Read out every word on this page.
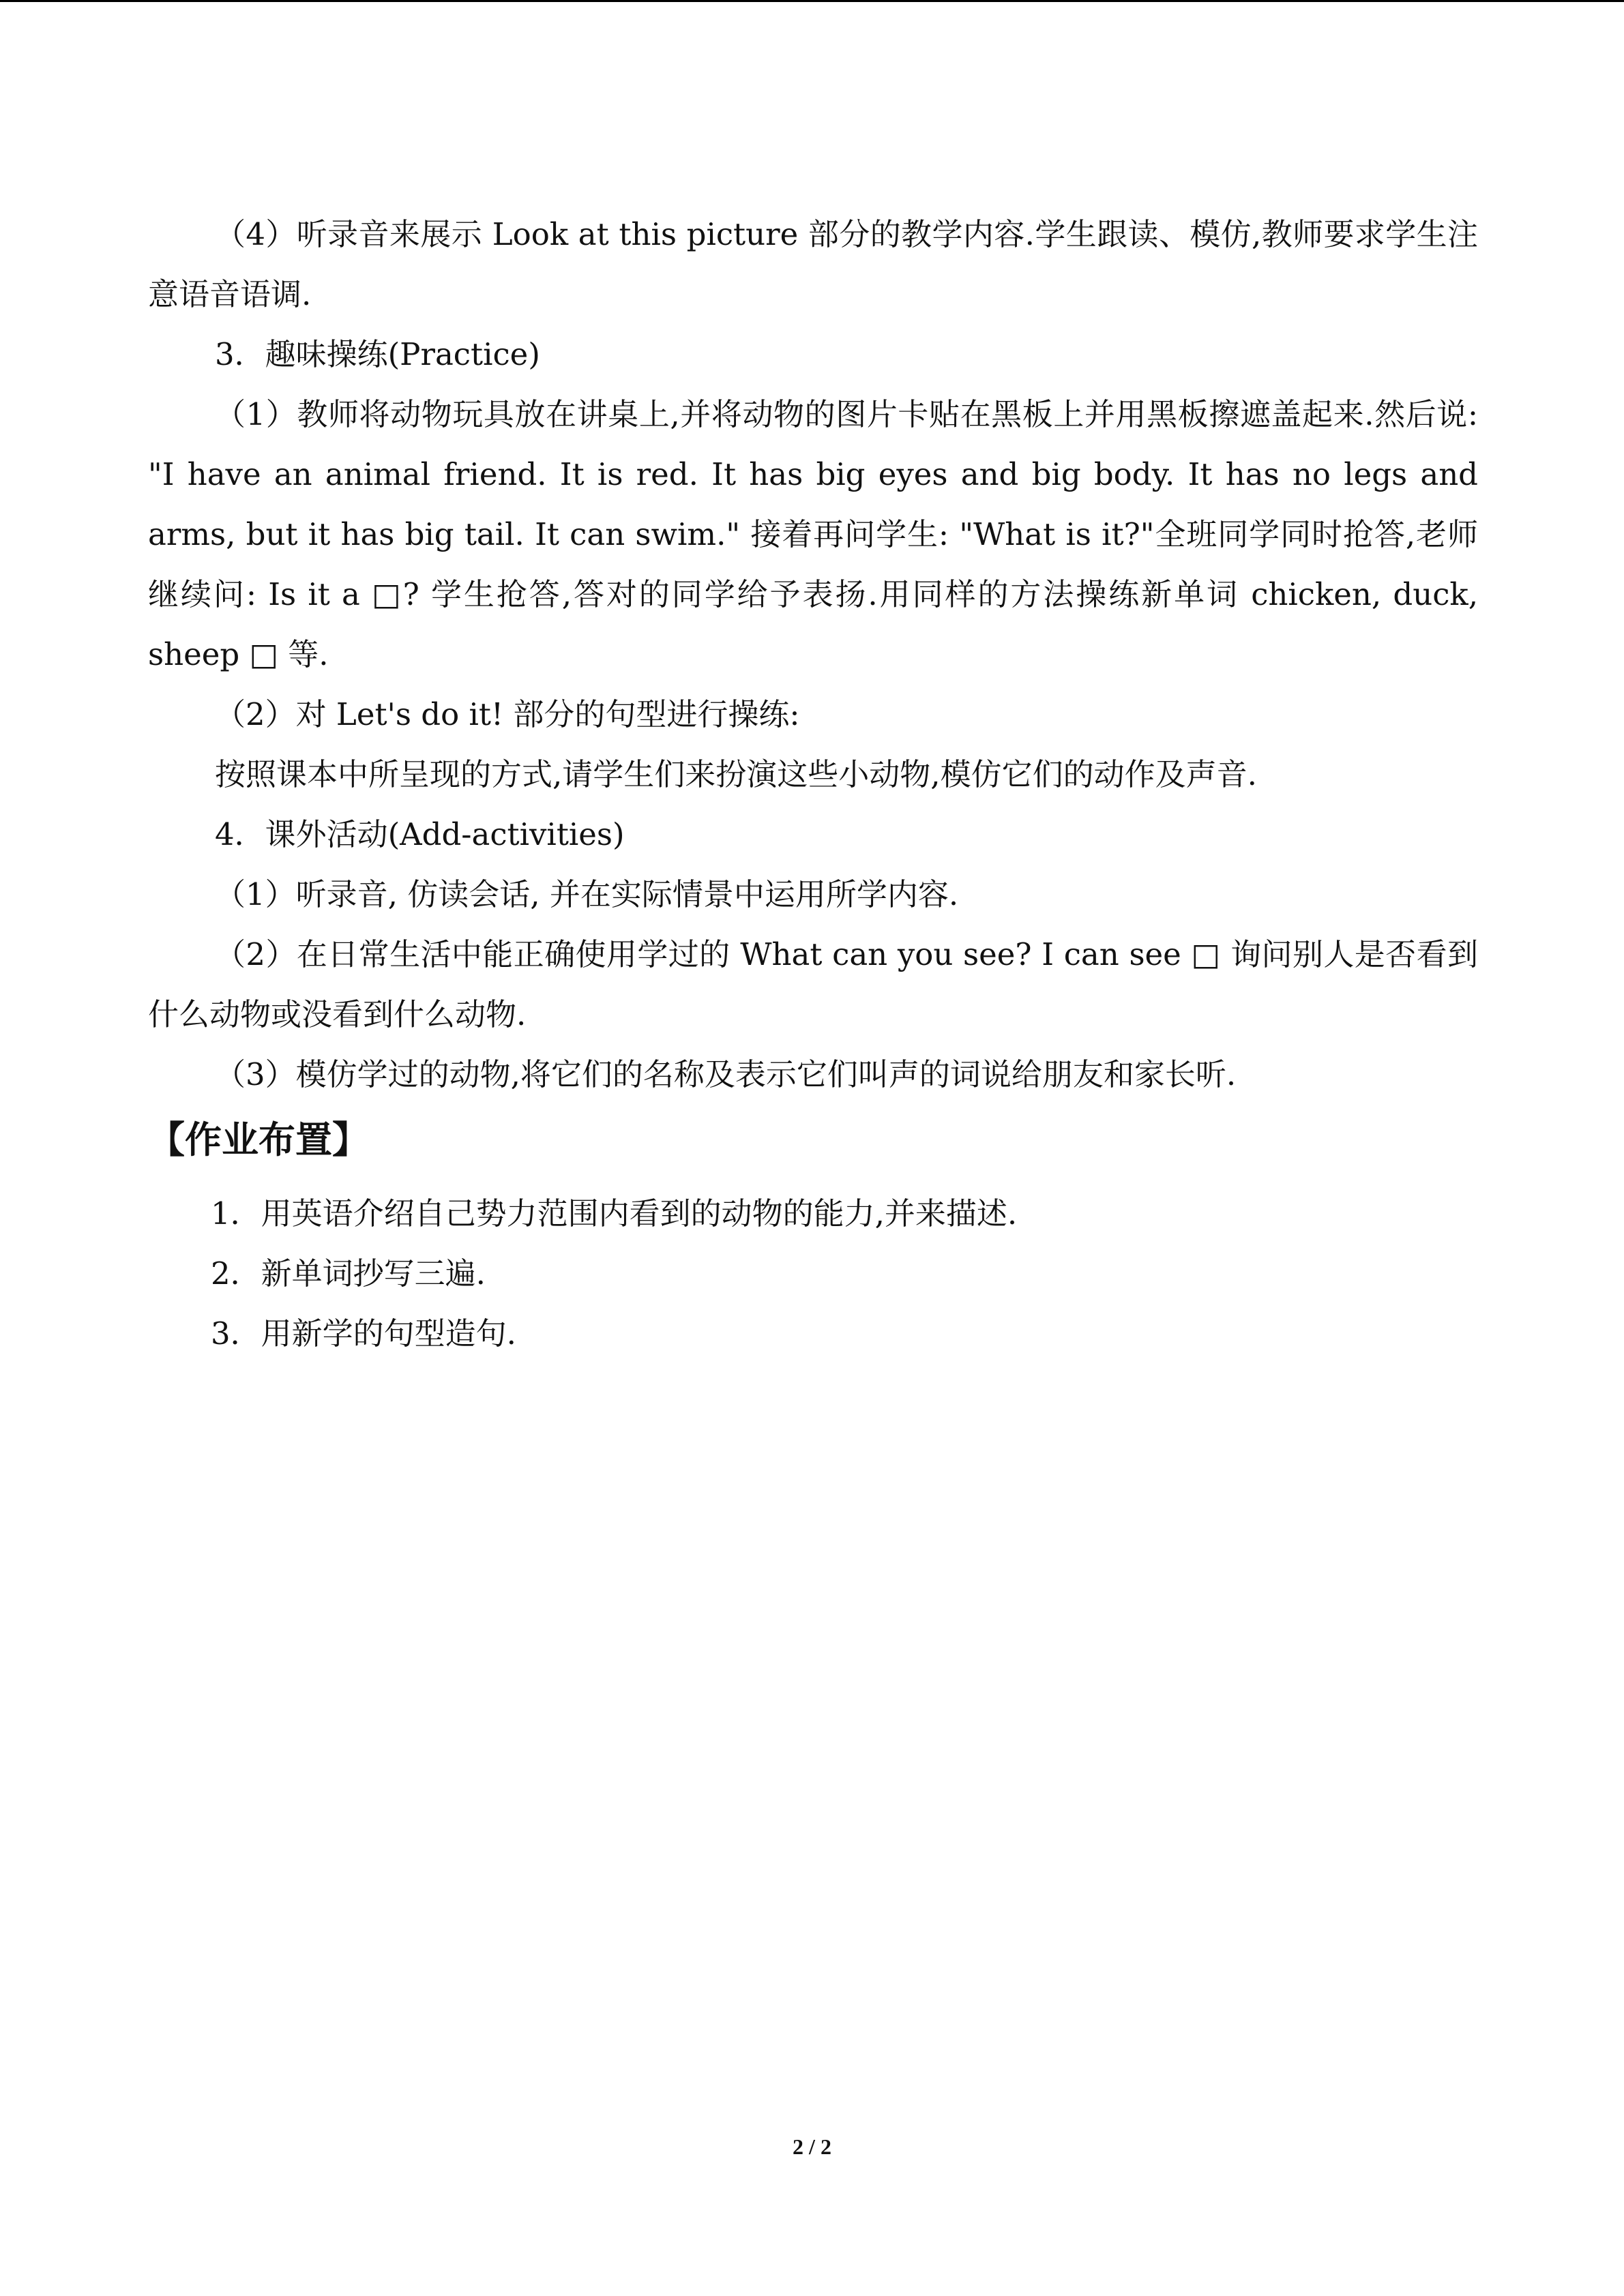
（4）听录音来展示 Look at this picture 部分的教学内容.学生跟读、模仿,教师要求学生注意语音语调.

3．趣味操练(Practice)

（1）教师将动物玩具放在讲桌上,并将动物的图片卡贴在黑板上并用黑板擦遮盖起来.然后说: "I have an animal friend. It is red. It has big eyes and big body. It has no legs and arms, but it has big tail. It can swim." 接着再问学生: "What is it?"全班同学同时抢答,老师继续问: Is it a □? 学生抢答,答对的同学给予表扬.用同样的方法操练新单词 chicken, duck, sheep □ 等.

（2）对 Let's do it! 部分的句型进行操练:

按照课本中所呈现的方式,请学生们来扮演这些小动物,模仿它们的动作及声音.

4．课外活动(Add-activities)

（1）听录音, 仿读会话, 并在实际情景中运用所学内容.

（2）在日常生活中能正确使用学过的 What can you see? I can see □ 询问别人是否看到什么动物或没看到什么动物.

（3）模仿学过的动物,将它们的名称及表示它们叫声的词说给朋友和家长听.

【作业布置】

1．用英语介绍自己势力范围内看到的动物的能力,并来描述.

2．新单词抄写三遍.

3．用新学的句型造句.

2 / 2
